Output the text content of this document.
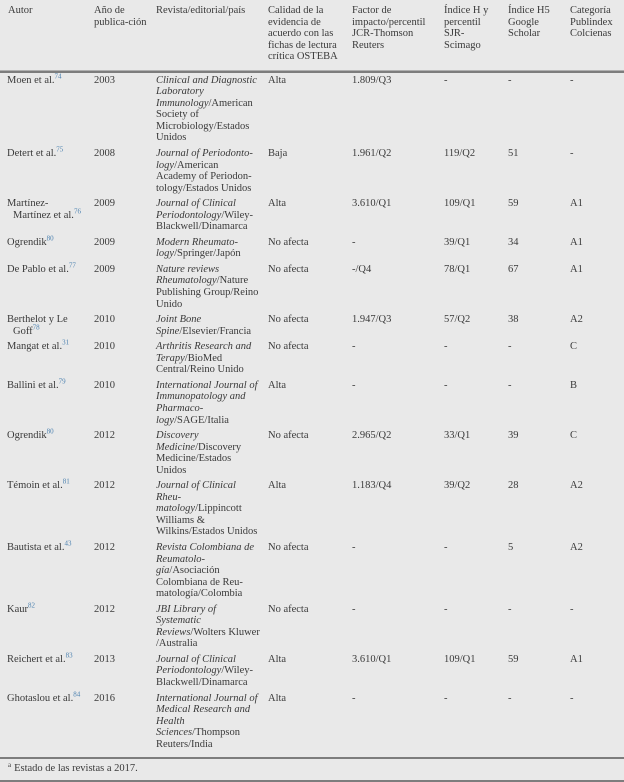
Autor	Año de publica-ción	Revista/editorial/país	Calidad de la evidencia de acuerdo con las fichas de lectura crítica OSTEBA	Factor de impacto/percentil JCR-Thomson Reuters	Índice H y percentil SJR-Scimago	Índice H5 Google Scholar	Categoría Publindex Colcienas
Moen et al.$^{74}$	2003	Clinical and Diagnostic Laboratory Immunology/American Society of Microbiology/Estados Unidos	Alta	1.809/Q3	-	-	-
Detert et al.$^{75}$	2008	Journal of Periodonto-logy/American Academy of Periodon-tology/Estados Unidos	Baja	1.961/Q2	119/Q2	51	-
Martínez-Martínez et al.$^{76}$	2009	Journal of Clinical Periodontology/Wiley-Blackwell/Dinamarca	Alta	3.610/Q1	109/Q1	59	A1
Ogrendik$^{80}$	2009	Modern Rheumato-logy/Springer/Japón	No afecta	-	39/Q1	34	A1
De Pablo et al.$^{77}$	2009	Nature reviews Rheumatology/Nature Publishing Group/Reino Unido	No afecta	-/Q4	78/Q1	67	A1
Berthelot y Le Goff$^{78}$	2010	Joint Bone Spine/Elsevier/Francia	No afecta	1.947/Q3	57/Q2	38	A2
Mangat et al.$^{31}$	2010	Arthritis Research and Terapy/BioMed Central/Reino Unido	No afecta	-	-	-	C
Ballini et al.$^{79}$	2010	International Journal of Immunopatology and Pharmaco-logy/SAGE/Italia	Alta	-	-	-	B
Ogrendik$^{80}$	2012	Discovery Medicine/Discovery Medicine/Estados Unidos	No afecta	2.965/Q2	33/Q1	39	C
Témoin et al.$^{81}$	2012	Journal of Clinical Rheu-matology/Lippincott Williams & Wilkins/Estados Unidos	Alta	1.183/Q4	39/Q2	28	A2
Bautista et al.$^{43}$	2012	Revista Colombiana de Reumatolo-gía/Asociación Colombiana de Reu-matología/Colombia	No afecta	-	-	5	A2
Kaur$^{82}$	2012	JBI Library of Systematic Reviews/Wolters Kluwer /Australia	No afecta	-	-	-	-
Reichert et al.$^{83}$	2013	Journal of Clinical Periodontology/Wiley-Blackwell/Dinamarca	Alta	3.610/Q1	109/Q1	59	A1
Ghotaslou et al.$^{84}$	2016	International Journal of Medical Research and Health Sciences/Thompson Reuters/India	Alta	-	-	-	-
$^a$ Estado de las revistas a 2017.
